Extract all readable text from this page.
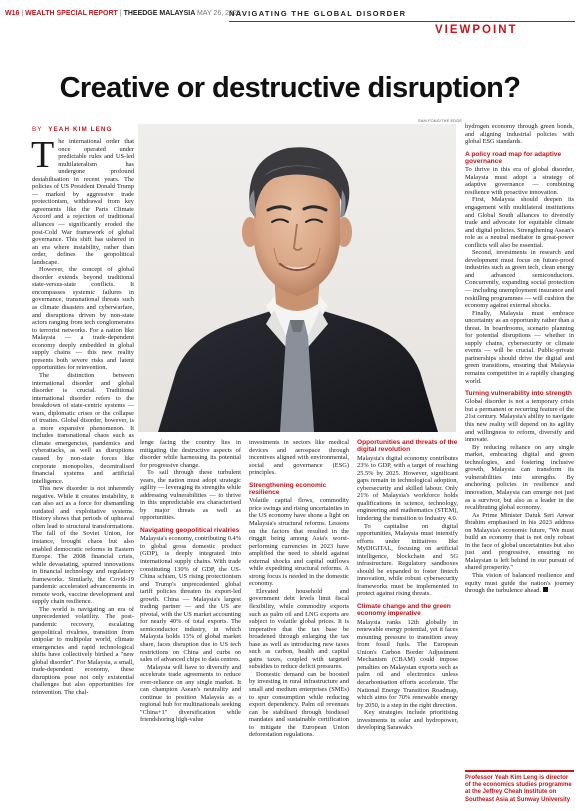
W16 | WEALTH SPECIAL REPORT | THEEDGE MALAYSIA MAY 26, 2025
NAVIGATING THE GLOBAL DISORDER
VIEWPOINT
Creative or destructive disruption?
SAM FONG/THE EDGE
BY YEAH KIM LENG

The international order that once operated under predictable rules and US-led multilateralism has undergone profound destabilisation in recent years. The policies of US President Donald Trump — marked by aggressive trade protectionism, withdrawal from key agreements like the Paris Climate Accord and a rejection of traditional alliances — significantly eroded the post-Cold War framework of global governance. This shift has ushered in an era where instability, rather than order, defines the geopolitical landscape.

However, the concept of global disorder extends beyond traditional state-versus-state conflicts. It encompasses systemic failures in governance, transnational threats such as climate disasters and cyberwarfare, and disruptions driven by non-state actors ranging from tech conglomerates to terrorist networks. For a nation like Malaysia — a trade-dependent economy deeply embedded in global supply chains — this new reality presents both severe risks and latent opportunities for reinvention.

The distinction between international disorder and global disorder is crucial. Traditional international disorder refers to the breakdown of state-centric systems — wars, diplomatic crises or the collapse of treaties. Global disorder, however, is a more expansive phenomenon. It includes transnational chaos such as climate emergencies, pandemics and cyberattacks, as well as disruptions caused by non-state forces like corporate monopolies, decentralised financial systems and artificial intelligence.

This new disorder is not inherently negative. While it creates instability, it can also act as a force for dismantling outdated and exploitative systems. History shows that periods of upheaval often lead to structural transformations. The fall of the Soviet Union, for instance, brought chaos but also enabled democratic reforms in Eastern Europe. The 2008 financial crisis, while devastating, spurred innovations in financial technology and regulatory frameworks. Similarly, the Covid-19 pandemic accelerated advancements in remote work, vaccine development and supply chain resilience.

The world is navigating an era of unprecedented volatility. The post-pandemic recovery, escalating geopolitical rivalries, transition from unipolar to multipolar world, climate emergencies and rapid technological shifts have collectively birthed a "new global disorder". For Malaysia, a small, trade-dependent economy, these disruptions pose not only existential challenges but also opportunities for reinvention. The chal-

lenge facing the country lies in mitigating the destructive aspects of disorder while harnessing its potential for progressive change.

To sail through these turbulent years, the nation must adopt strategic agility — leveraging its strengths while addressing vulnerabilities — to thrive in this unpredictable era characterised by major threats as well as opportunities.

Navigating geopolitical rivalries

Malaysia's economy, contributing 0.4% to global gross domestic product (GDP), is deeply integrated into international supply chains. With trade constituting 130% of GDP, the US-China schism, US rising protectionism and Trump's unprecedented global tariff policies threaten its export-led growth. China — Malaysia's largest trading partner — and the US are pivotal, with the US market accounting for nearly 40% of total exports. The semiconductor industry, in which Malaysia holds 13% of global market share, faces disruption due to US tech restrictions on China and curbs on sales of advanced chips to data centres.

Malaysia will have to diversify and accelerate trade agreements to reduce over-reliance on any single market. It can champion Asean's neutrality and continue to position Malaysia as a regional hub for multinationals seeking "China+1" diversification while friendshoring high-value

investments in sectors like medical devices and aerospace through incentives aligned with environmental, social and governance (ESG) principles.

Strengthening economic resilience

Volatile capital flows, commodity price swings and rising uncertainties in the US economy have shone a light on Malaysia's structural reforms. Lessons on the factors that resulted in the ringgit being among Asia's worst-performing currencies in 2023 have amplified the need to shield against external shocks and capital outflows while expediting structural reforms. A strong focus is needed in the domestic economy.

Elevated household and government debt levels limit fiscal flexibility, while commodity exports such as palm oil and LNG exports are subject to volatile global prices. It is imperative that the tax base be broadened through enlarging the tax base as well as introducing new taxes such as carbon, health and capital gains taxes, coupled with targeted subsidies to reduce deficit pressures.

Domestic demand can be boosted by investing in rural infrastructure and small and medium enterprises (SMEs) to spur consumption while reducing export dependency. Palm oil revenues can be stabilised through biodiesel mandates and sustainable certification to mitigate the European Union deforestation regulations.

Opportunities and threats of the digital revolution

Malaysia's digital economy contributes 23% to GDP, with a target of reaching 25.5% by 2025. However, significant gaps remain in technological adoption, cybersecurity and skilled labour. Only 21% of Malaysia's workforce holds qualifications in science, technology, engineering and mathematics (STEM), hindering the transition to Industry 4.0.

To capitalise on digital opportunities, Malaysia must intensify efforts under initiatives like MyDIGITAL, focusing on artificial intelligence, blockchain and 5G infrastructure. Regulatory sandboxes should be expanded to foster fintech innovation, while robust cybersecurity frameworks must be implemented to protect against rising threats.

Climate change and the green economy imperative

Malaysia ranks 12th globally in renewable energy potential, yet it faces mounting pressure to transition away from fossil fuels. The European Union's Carbon Border Adjustment Mechanism (CBAM) could impose penalties on Malaysian exports such as palm oil and electronics unless decarbonisation efforts accelerate. The National Energy Transition Roadmap, which aims for 70% renewable energy by 2050, is a step in the right direction.

Key strategies include prioritising investments in solar and hydropower, developing Sarawak's

hydrogen economy through green bonds, and aligning industrial policies with global ESG standards.

A policy road map for adaptive governance

To thrive in this era of global disorder, Malaysia must adopt a strategy of adaptive governance — combining resilience with proactive innovation.

First, Malaysia should deepen its engagement with multilateral institutions and Global South alliances to diversify trade and advocate for equitable climate and digital policies. Strengthening Asean's role as a neutral mediator in great-power conflicts will also be essential.

Second, investments in research and development must focus on future-proof industries such as green tech, clean energy and advanced semiconductors. Concurrently, expanding social protection — including unemployment insurance and reskilling programmes — will cushion the economy against external shocks.

Finally, Malaysia must embrace uncertainty as an opportunity rather than a threat. In boardrooms, scenario planning for potential disruptions — whether in supply chains, cybersecurity or climate events — will be crucial. Public-private partnerships should drive the digital and green transitions, ensuring that Malaysia remains competitive in a rapidly changing world.

Turning vulnerability into strength

Global disorder is not a temporary crisis but a permanent or recurring feature of the 21st century. Malaysia's ability to navigate this new reality will depend on its agility and willingness to reform, diversify and innovate.

By reducing reliance on any single market, embracing digital and green technologies, and fostering inclusive growth, Malaysia can transform its vulnerabilities into strengths. By anchoring policies in resilience and innovation, Malaysia can emerge not just as a survivor, but also as a leader in the recalibrating global economy.

As Prime Minister Datuk Seri Anwar Ibrahim emphasised in his 2023 address on Malaysia's economic future, "We must build an economy that is not only robust in the face of global uncertainties but also just and progressive, ensuring no Malaysian is left behind in our pursuit of shared prosperity."

This vision of balanced resilience and equity must guide the nation's journey through the turbulence ahead.

Professor Yeah Kim Leng is director of the economics studies programme at the Jeffrey Cheah Institute on Southeast Asia at Sunway University
